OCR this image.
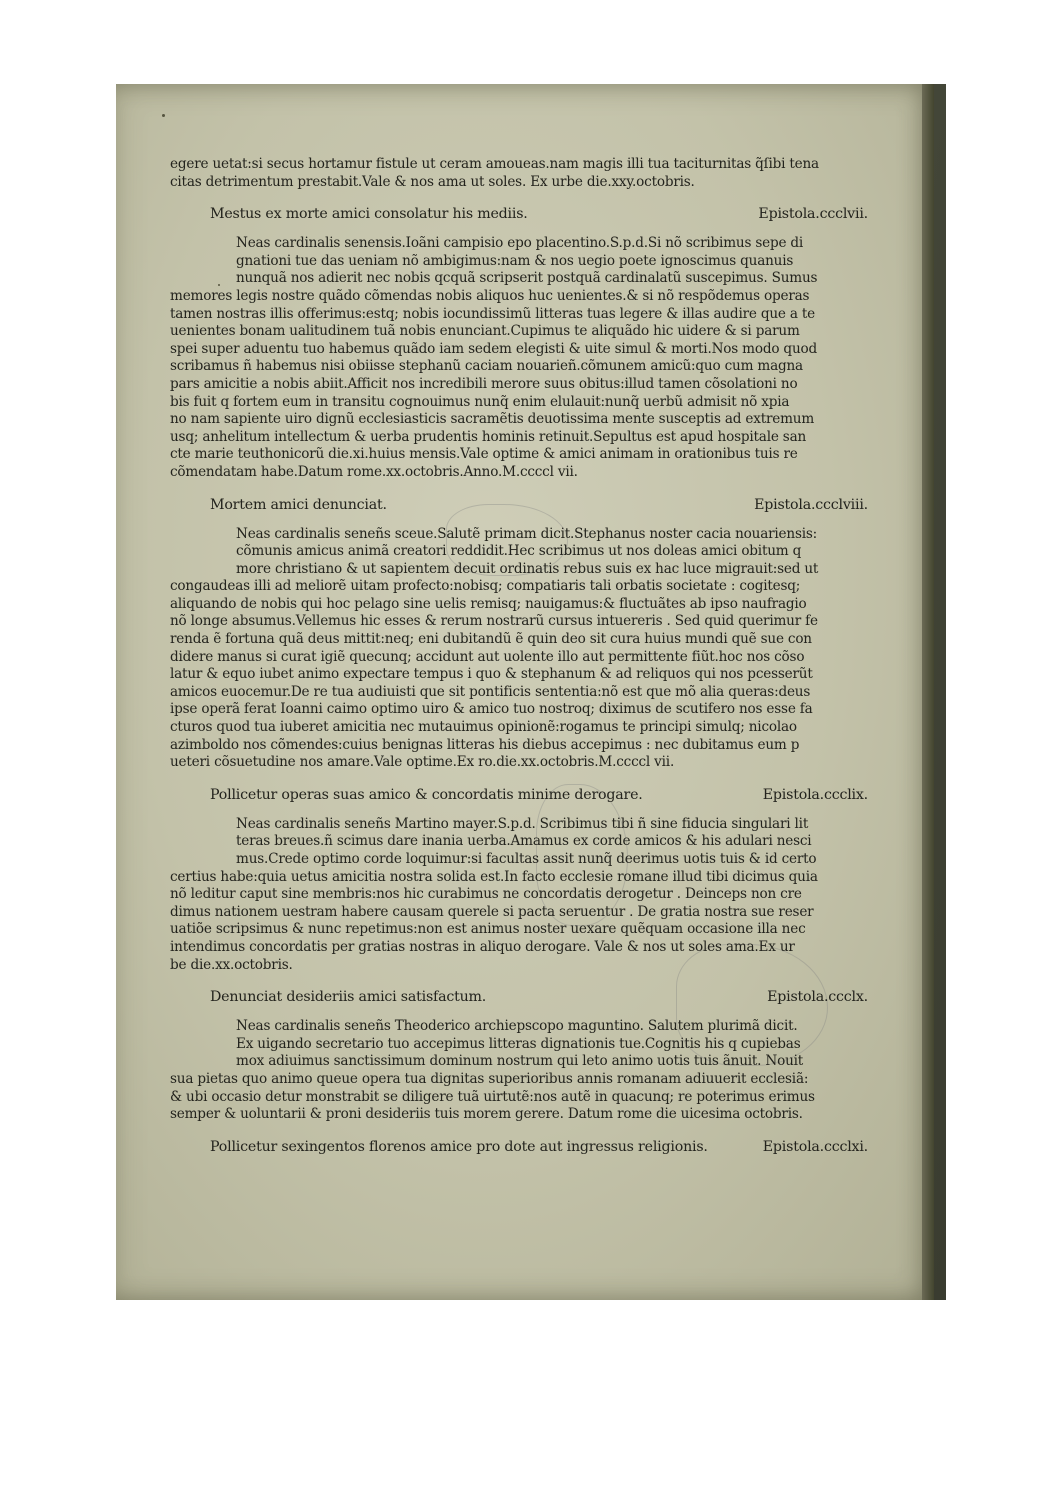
egere uetat:si secus hortamur fistule ut ceram amoueas.nam magis illi tua taciturnitas q̃ſibi tena
citas detrimentum prestabit.Vale & nos ama ut soles. Ex urbe die.xxy.octobris.
Mestus ex morte amici consolatur his mediis.	Epistola.ccclvii.
Neas cardinalis senensis.Ioãni campisio epo placentino.S.p.d.Si nõ scribimus sepe di
gnationi tue das ueniam nõ ambigimus:nam & nos uegio poete ignoscimus quanuis
nunquã nos adierit nec nobis qcquã scripserit postquã cardinalatũ suscepimus. Sumus
memores legis nostre quãdo cõmendas nobis aliquos huc uenientes.& si nõ respõdemus operas
tamen nostras illis offerimus:estq; nobis iocundissimũ litteras tuas legere & illas audire que a te
uenientes bonam ualitudinem tuã nobis enunciant.Cupimus te aliquãdo hic uidere & si parum
spei super aduentu tuo habemus quãdo iam sedem elegisti & uite simul & morti.Nos modo quod
scribamus ñ habemus nisi obiisse stephanũ caciam nouarieñ.cõmunem amicũ:quo cum magna
pars amicitie a nobis abiit.Afficit nos incredibili merore suus obitus:illud tamen cõsolationi no
bis fuit q fortem eum in transitu cognouimus nunq̃ enim elulauit:nunq̃ uerbũ admisit nõ xpia
no nam sapiente uiro dignũ ecclesiasticis sacramẽtis deuotissima mente susceptis ad extremum
usq; anhelitum intellectum & uerba prudentis hominis retinuit.Sepultus est apud hospitale san
cte marie teuthonicorũ die.xi.huius mensis.Vale optime & amici animam in orationibus tuis re
cõmendatam habe.Datum rome.xx.octobris.Anno.M.ccccl vii.
Mortem amici denunciat.	Epistola.ccclviii.
Neas cardinalis seneñs sceue.Salutẽ primam dicit.Stephanus noster cacia nouariensis:
cõmunis amicus animã creatori reddidit.Hec scribimus ut nos doleas amici obitum q
more christiano & ut sapientem decuit ordinatis rebus suis ex hac luce migrauit:sed ut
congaudeas illi ad meliorẽ uitam profecto:nobisq; compatiaris tali orbatis societate : cogitesq;
aliquando de nobis qui hoc pelago sine uelis remisq; nauigamus:& fluctuãtes ab ipso naufragio
nõ longe absumus.Vellemus hic esses & rerum nostrarũ cursus intuereris . Sed quid querimur fe
renda ẽ fortuna quã deus mittit:neq; eni dubitandũ ẽ quin deo sit cura huius mundi quẽ sue con
didere manus si curat igiẽ quecunq; accidunt aut uolente illo aut permittente fiũt.hoc nos cõso
latur & equo iubet animo expectare tempus i quo & stephanum & ad reliquos qui nos pcesserũt
amicos euocemur.De re tua audiuisti que sit pontificis sententia:nõ est que mõ alia queras:deus
ipse operã ferat Ioanni caimo optimo uiro & amico tuo nostroq; diximus de scutifero nos esse fa
cturos quod tua iuberet amicitia nec mutauimus opinionẽ:rogamus te principi simulq; nicolao
azimboldo nos cõmendes:cuius benignas litteras his diebus accepimus : nec dubitamus eum p
ueteri cõsuetudine nos amare.Vale optime.Ex ro.die.xx.octobris.M.ccccl vii.
Pollicetur operas suas amico & concordatis minime derogare.	Epistola.ccclix.
Neas cardinalis seneñs Martino mayer.S.p.d. Scribimus tibi ñ sine fiducia singulari lit
teras breues.ñ scimus dare inania uerba.Amamus ex corde amicos & his adulari nesci
mus.Crede optimo corde loquimur:si facultas assit nunq̃ deerimus uotis tuis & id certo
certius habe:quia uetus amicitia nostra solida est.In facto ecclesie romane illud tibi dicimus quia
nõ leditur caput sine membris:nos hic curabimus ne concordatis derogetur . Deinceps non cre
dimus nationem uestram habere causam querele si pacta seruentur . De gratia nostra sue reser
uatiõe scripsimus & nunc repetimus:non est animus noster uexare quẽquam occasione illa nec
intendimus concordatis per gratias nostras in aliquo derogare. Vale & nos ut soles ama.Ex ur
be die.xx.octobris.
Denunciat desideriis amici satisfactum.	Epistola.ccclx.
Neas cardinalis seneñs Theoderico archiepscopo maguntino. Salutem plurimã dicit.
Ex uigando secretario tuo accepimus litteras dignationis tue.Cognitis his q cupiebas
mox adiuimus sanctissimum dominum nostrum qui leto animo uotis tuis ãnuit. Nouit
sua pietas quo animo queue opera tua dignitas superioribus annis romanam adiuuerit ecclesiã:
& ubi occasio detur monstrabit se diligere tuã uirtutẽ:nos autẽ in quacunq; re poterimus erimus
semper & uoluntarii & proni desideriis tuis morem gerere. Datum rome die uicesima octobris.
Pollicetur sexingentos florenos amice pro dote aut ingressus religionis.	Epistola.ccclxi.
